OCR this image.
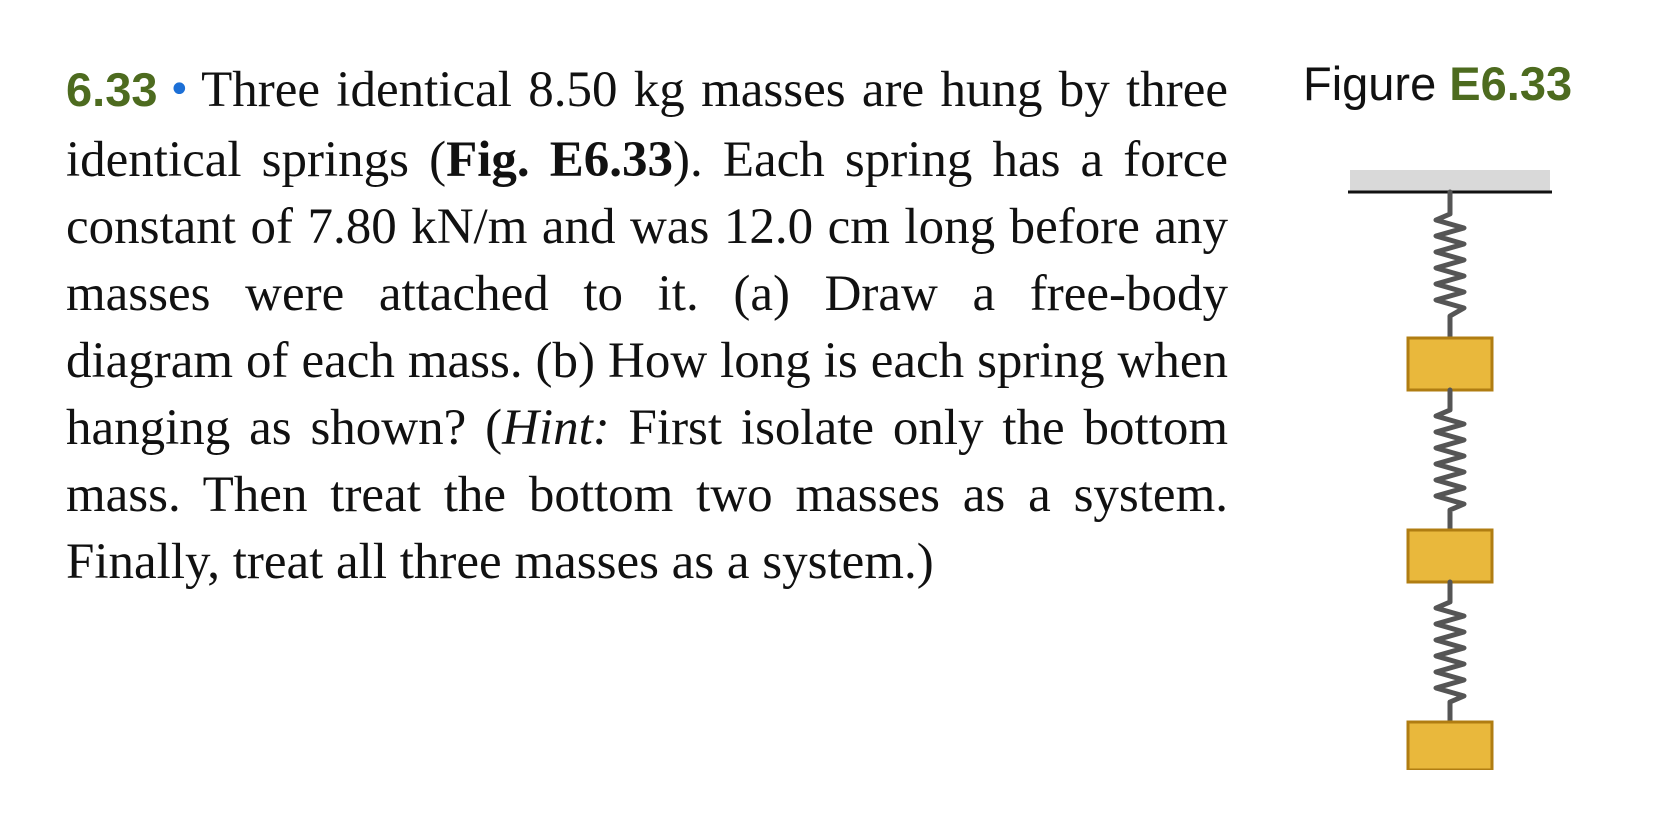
6.33 • Three identical 8.50 kg masses are hung by three identical springs (Fig. E6.33). Each spring has a force constant of 7.80 kN/m and was 12.0 cm long before any masses were attached to it. (a) Draw a free-body diagram of each mass. (b) How long is each spring when hanging as shown? (Hint: First isolate only the bottom mass. Then treat the bottom two masses as a system. Finally, treat all three masses as a system.)
Figure E6.33
